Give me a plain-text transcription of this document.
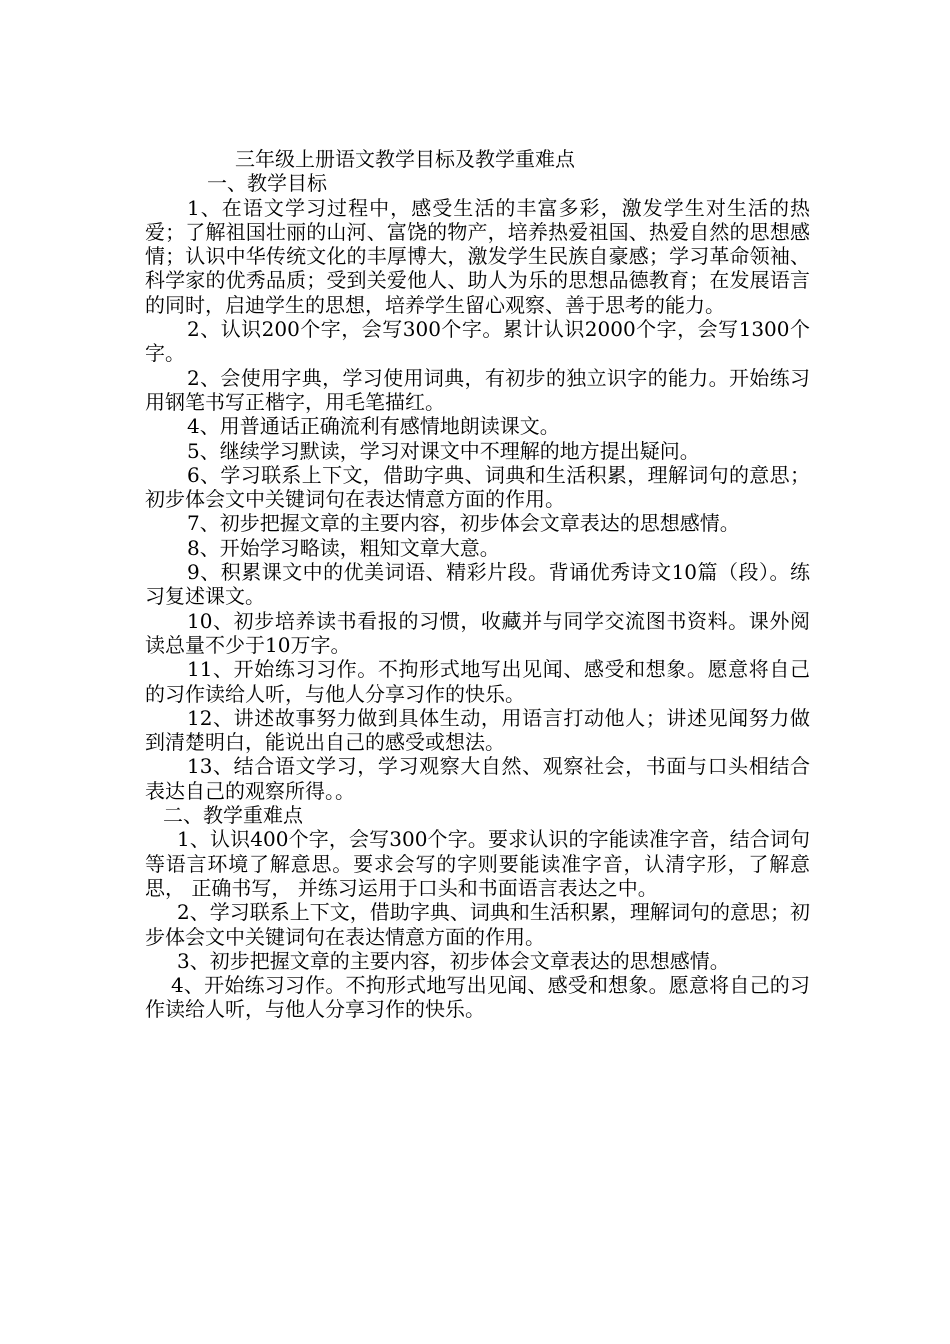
三年级上册语文教学目标及教学重难点

一、教学目标

1、在语文学习过程中，感受生活的丰富多彩，激发学生对生活的热爱；了解祖国壮丽的山河、富饶的物产，培养热爱祖国、热爱自然的思想感情；认识中华传统文化的丰厚博大，激发学生民族自豪感；学习革命领袖、科学家的优秀品质；受到关爱他人、助人为乐的思想品德教育；在发展语言的同时，启迪学生的思想，培养学生留心观察、善于思考的能力。

2、认识200个字，会写300个字。累计认识2000个字，会写1300个字。

2、会使用字典，学习使用词典，有初步的独立识字的能力。开始练习用钢笔书写正楷字，用毛笔描红。

4、用普通话正确流利有感情地朗读课文。

5、继续学习默读，学习对课文中不理解的地方提出疑问。

6、学习联系上下文，借助字典、词典和生活积累，理解词句的意思；初步体会文中关键词句在表达情意方面的作用。

7、初步把握文章的主要内容，初步体会文章表达的思想感情。

8、开始学习略读，粗知文章大意。

9、积累课文中的优美词语、精彩片段。背诵优秀诗文10篇（段）。练习复述课文。

10、初步培养读书看报的习惯，收藏并与同学交流图书资料。课外阅读总量不少于10万字。

11、开始练习习作。不拘形式地写出见闻、感受和想象。愿意将自己的习作读给人听，与他人分享习作的快乐。

12、讲述故事努力做到具体生动，用语言打动他人；讲述见闻努力做到清楚明白，能说出自己的感受或想法。

13、结合语文学习，学习观察大自然、观察社会，书面与口头相结合表达自己的观察所得。。

二、教学重难点

1、认识400个字，会写300个字。要求认识的字能读准字音，结合词句等语言环境了解意思。要求会写的字则要能读准字音，认清字形，了解意思， 正确书写， 并练习运用于口头和书面语言表达之中。

2、学习联系上下文，借助字典、词典和生活积累，理解词句的意思；初步体会文中关键词句在表达情意方面的作用。

3、初步把握文章的主要内容，初步体会文章表达的思想感情。

4、开始练习习作。不拘形式地写出见闻、感受和想象。愿意将自己的习作读给人听，与他人分享习作的快乐。
